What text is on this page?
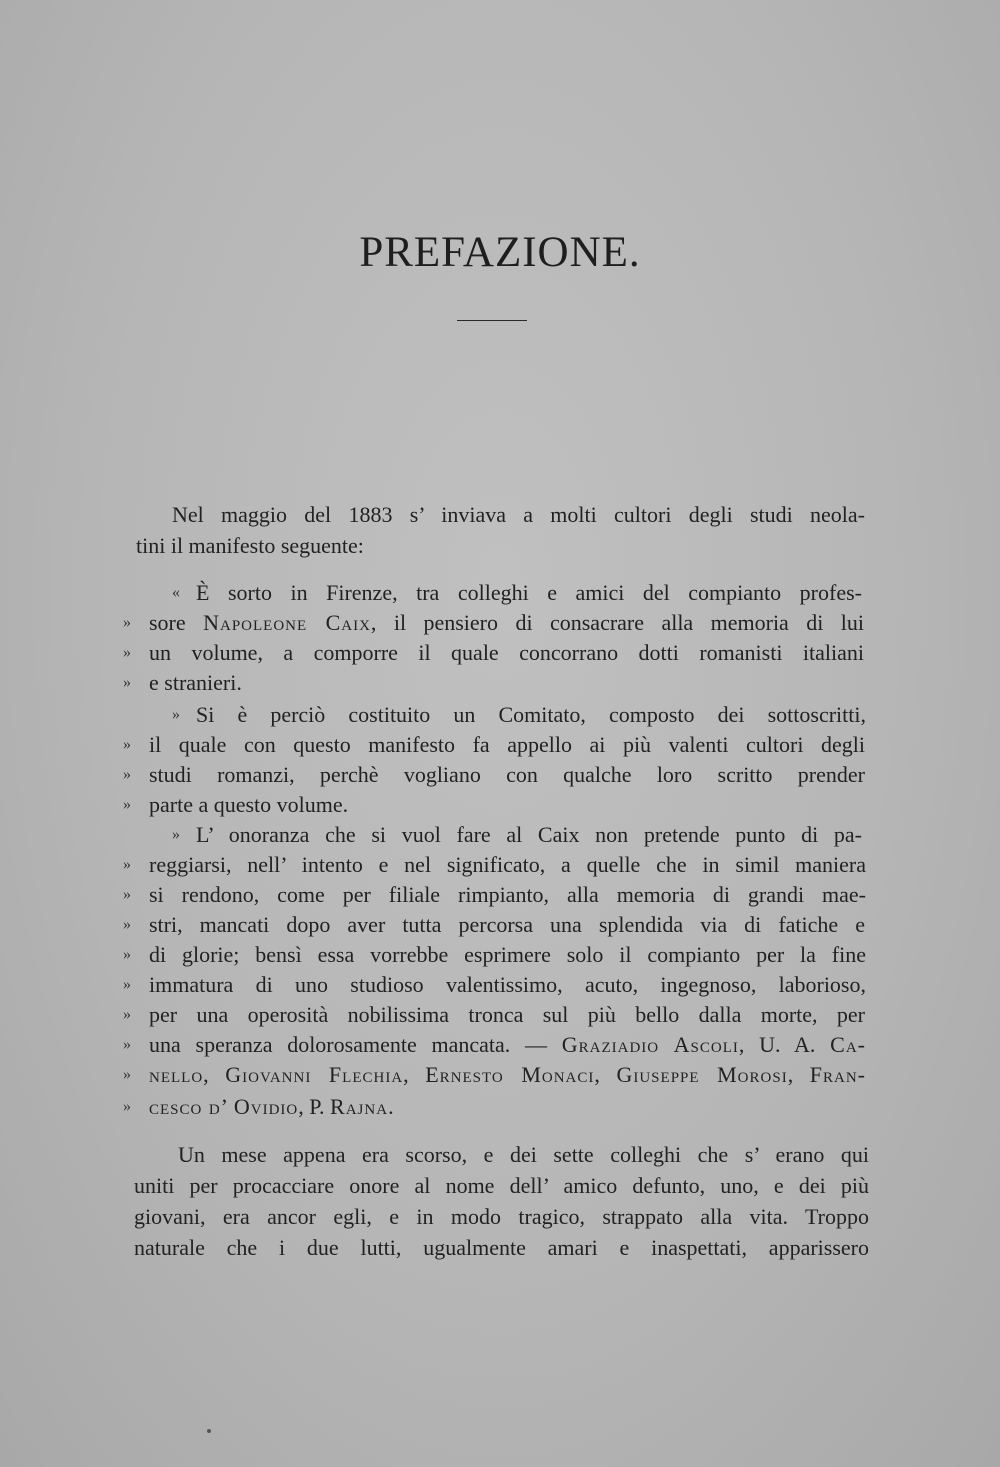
PREFAZIONE.
Nel maggio del 1883 s’ inviava a molti cultori degli studi neola-
tini il manifesto seguente:
« È sorto in Firenze, tra colleghi e amici del compianto profes-
» sore Napoleone Caix, il pensiero di consacrare alla memoria di lui
» un volume, a comporre il quale concorrano dotti romanisti italiani
» e stranieri.
» Si è perciò costituito un Comitato, composto dei sottoscritti,
» il quale con questo manifesto fa appello ai più valenti cultori degli
» studi romanzi, perchè vogliano con qualche loro scritto prender
» parte a questo volume.
» L’ onoranza che si vuol fare al Caix non pretende punto di pa-
» reggiarsi, nell’ intento e nel significato, a quelle che in simil maniera
» si rendono, come per filiale rimpianto, alla memoria di grandi mae-
» stri, mancati dopo aver tutta percorsa una splendida via di fatiche e
» di glorie; bensì essa vorrebbe esprimere solo il compianto per la fine
» immatura di uno studioso valentissimo, acuto, ingegnoso, laborioso,
» per una operosità nobilissima tronca sul più bello dalla morte, per
» una speranza dolorosamente mancata. — Graziadio Ascoli, U. A. Ca-
» nello, Giovanni Flechia, Ernesto Monaci, Giuseppe Morosi, Fran-
» cesco d’ Ovidio, P. Rajna.
Un mese appena era scorso, e dei sette colleghi che s’ erano qui
uniti per procacciare onore al nome dell’ amico defunto, uno, e dei più
giovani, era ancor egli, e in modo tragico, strappato alla vita. Troppo
naturale che i due lutti, ugualmente amari e inaspettati, apparissero
